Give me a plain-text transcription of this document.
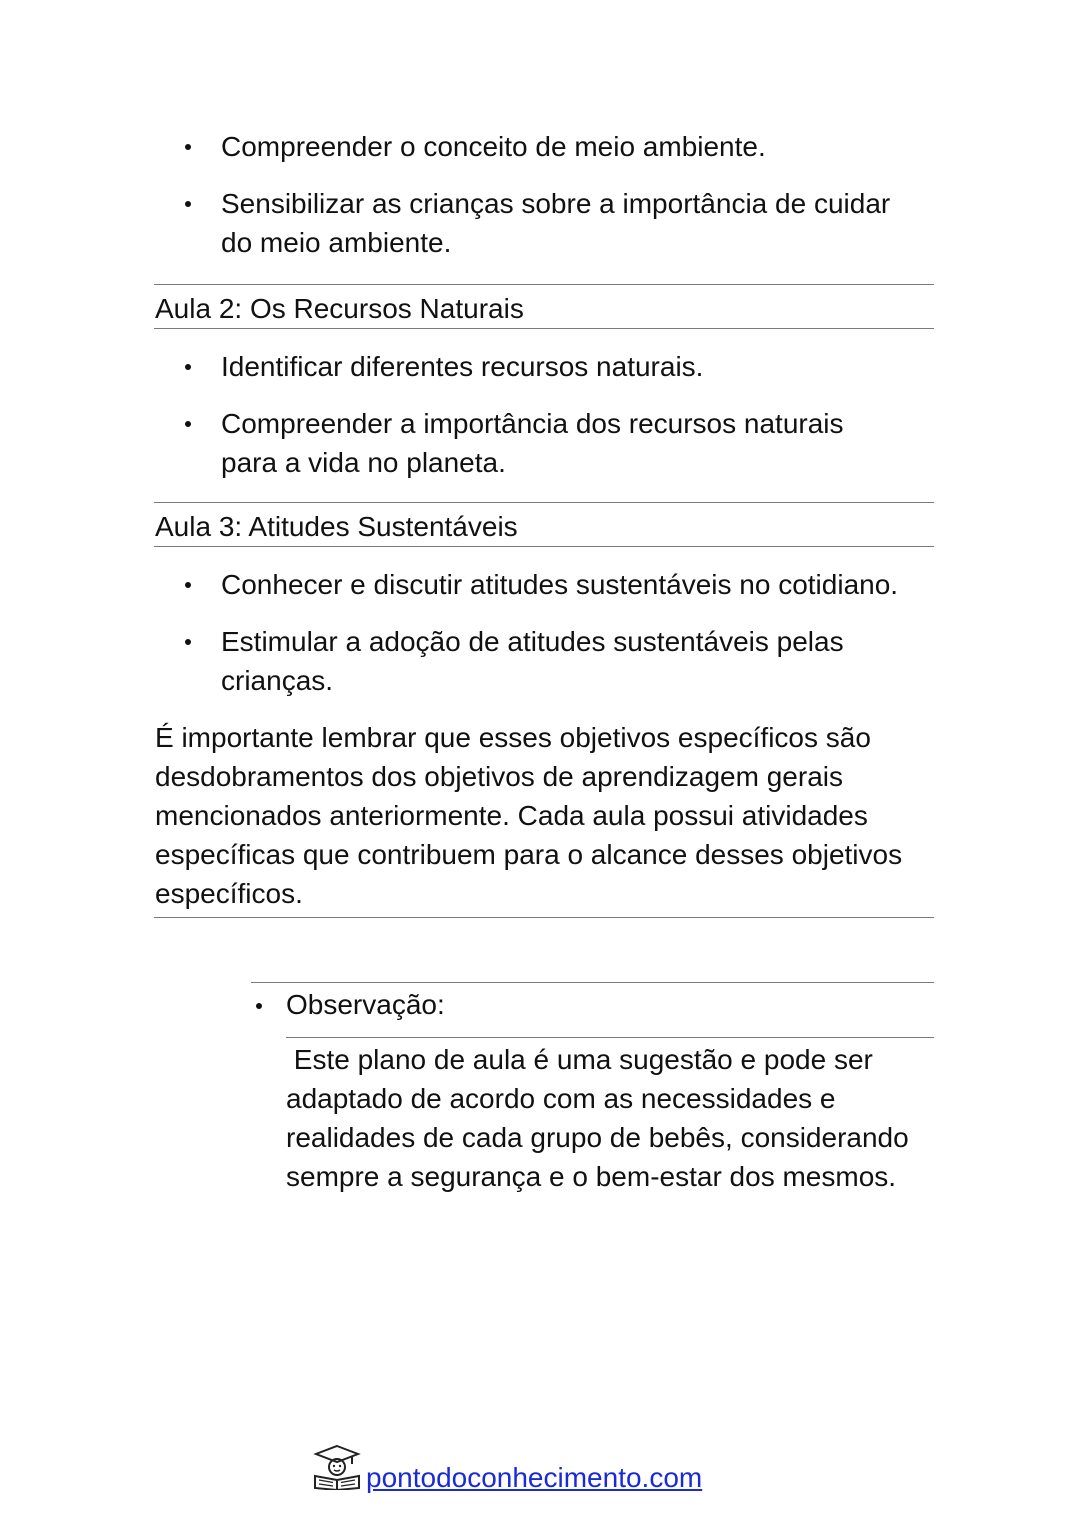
Compreender o conceito de meio ambiente.
Sensibilizar as crianças sobre a importância de cuidar do meio ambiente.
Aula 2: Os Recursos Naturais
Identificar diferentes recursos naturais.
Compreender a importância dos recursos naturais para a vida no planeta.
Aula 3: Atitudes Sustentáveis
Conhecer e discutir atitudes sustentáveis no cotidiano.
Estimular a adoção de atitudes sustentáveis pelas crianças.

É importante lembrar que esses objetivos específicos são desdobramentos dos objetivos de aprendizagem gerais mencionados anteriormente. Cada aula possui atividades específicas que contribuem para o alcance desses objetivos específicos.

Observação:

Este plano de aula é uma sugestão e pode ser adaptado de acordo com as necessidades e realidades de cada grupo de bebês, considerando sempre a segurança e o bem-estar dos mesmos.

pontodoconhecimento.com
